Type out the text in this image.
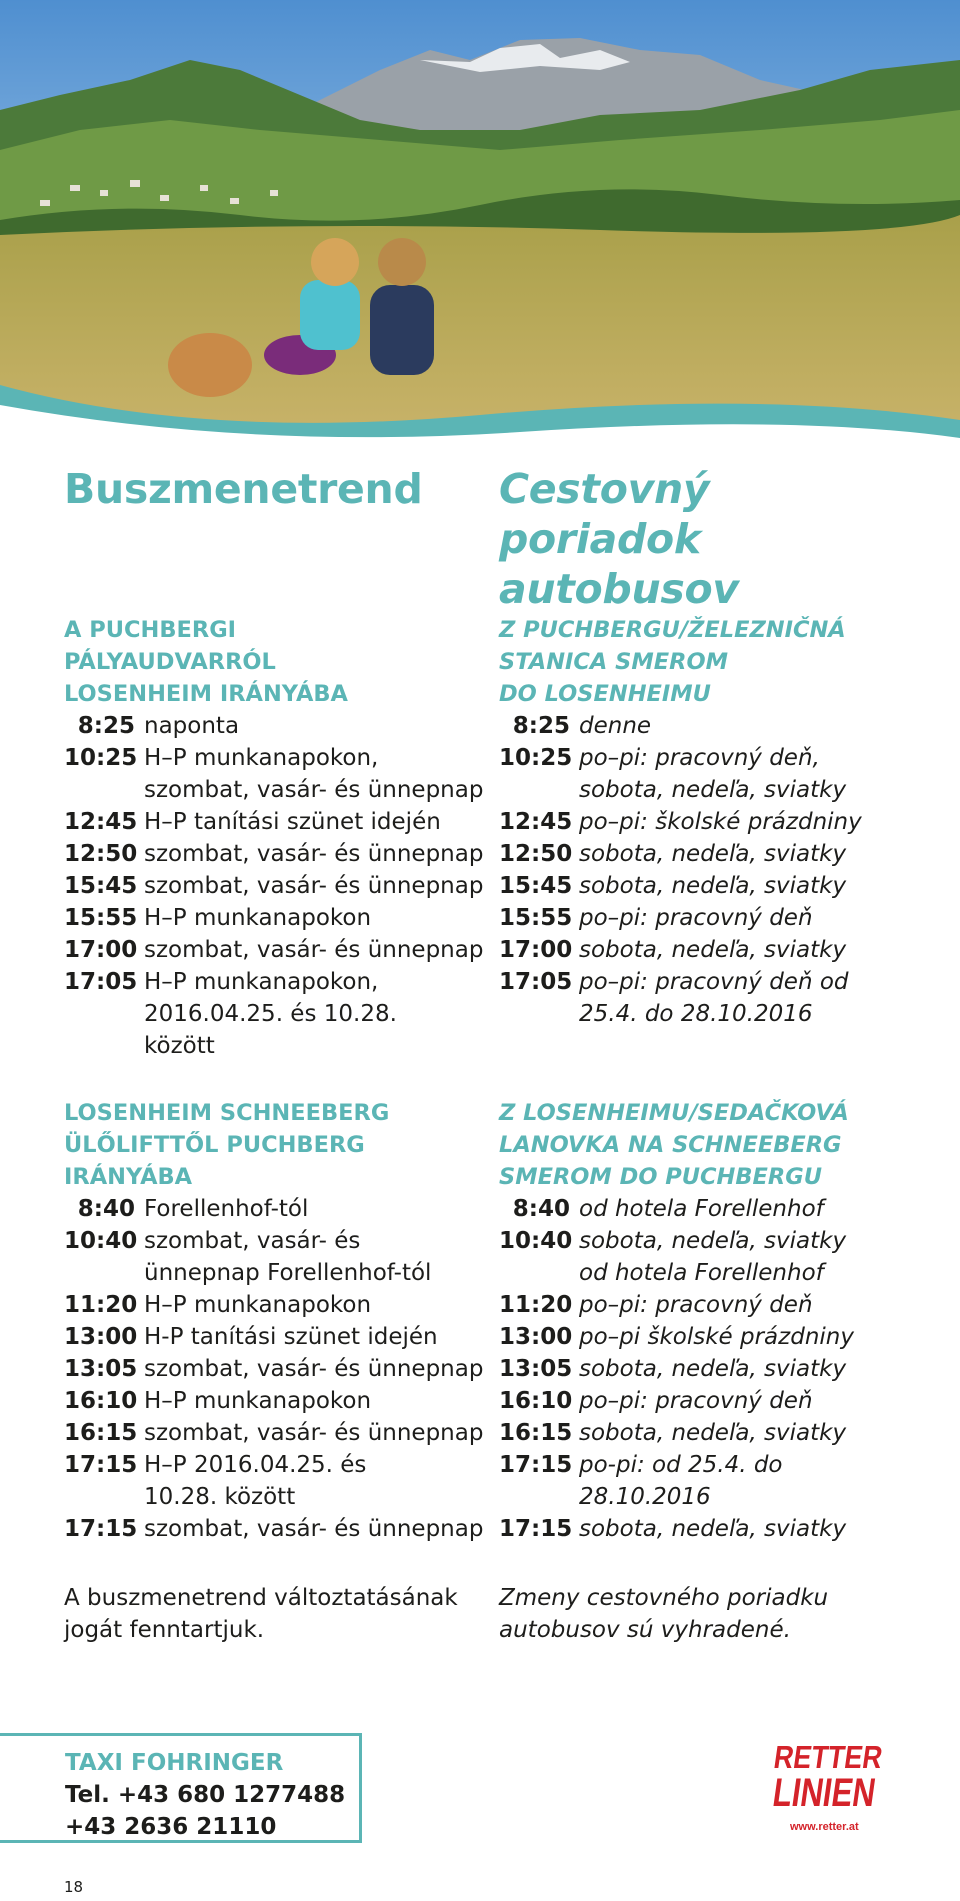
Buszmenetrend

A PUCHBERGI
PÁLYAUDVARRÓL
LOSENHEIM IRÁNYÁBA

8:25 naponta
10:25 H–P munkanapokon,
szombat, vasár- és ünnepnap
12:45 H–P tanítási szünet idején
12:50 szombat, vasár- és ünnepnap
15:45 szombat, vasár- és ünnepnap
15:55 H–P munkanapokon
17:00 szombat, vasár- és ünnepnap
17:05 H–P munkanapokon,
2016.04.25. és 10.28.
között

LOSENHEIM SCHNEEBERG
ÜLŐLIFTTŐL PUCHBERG
IRÁNYÁBA

8:40 Forellenhof-tól
10:40 szombat, vasár- és
ünnepnap Forellenhof-tól
11:20 H–P munkanapokon
13:00 H-P tanítási szünet idején
13:05 szombat, vasár- és ünnepnap
16:10 H–P munkanapokon
16:15 szombat, vasár- és ünnepnap
17:15 H–P 2016.04.25. és
10.28. között
17:15 szombat, vasár- és ünnepnap

A buszmenetrend változtatásának
jogát fenntartjuk.

Cestovný poriadok
autobusov

Z PUCHBERGU/ŽELEZNIČNÁ
STANICA SMEROM
DO LOSENHEIMU

8:25 denne
10:25 po–pi: pracovný deň,
sobota, nedeľa, sviatky
12:45 po–pi: školské prázdniny
12:50 sobota, nedeľa, sviatky
15:45 sobota, nedeľa, sviatky
15:55 po–pi: pracovný deň
17:00 sobota, nedeľa, sviatky
17:05 po–pi: pracovný deň od
25.4. do 28.10.2016

Z LOSENHEIMU/SEDAČKOVÁ
LANOVKA NA SCHNEEBERG
SMEROM DO PUCHBERGU

8:40 od hotela Forellenhof
10:40 sobota, nedeľa, sviatky
od hotela Forellenhof
11:20 po–pi: pracovný deň
13:00 po–pi školské prázdniny
13:05 sobota, nedeľa, sviatky
16:10 po–pi: pracovný deň
16:15 sobota, nedeľa, sviatky
17:15 po-pi: od 25.4. do
28.10.2016
17:15 sobota, nedeľa, sviatky

Zmeny cestovného poriadku
autobusov sú vyhradené.

TAXI FOHRINGER
Tel. +43 680 1277488
+43 2636 21110
RETTER
LINIEN
www.retter.at
18
